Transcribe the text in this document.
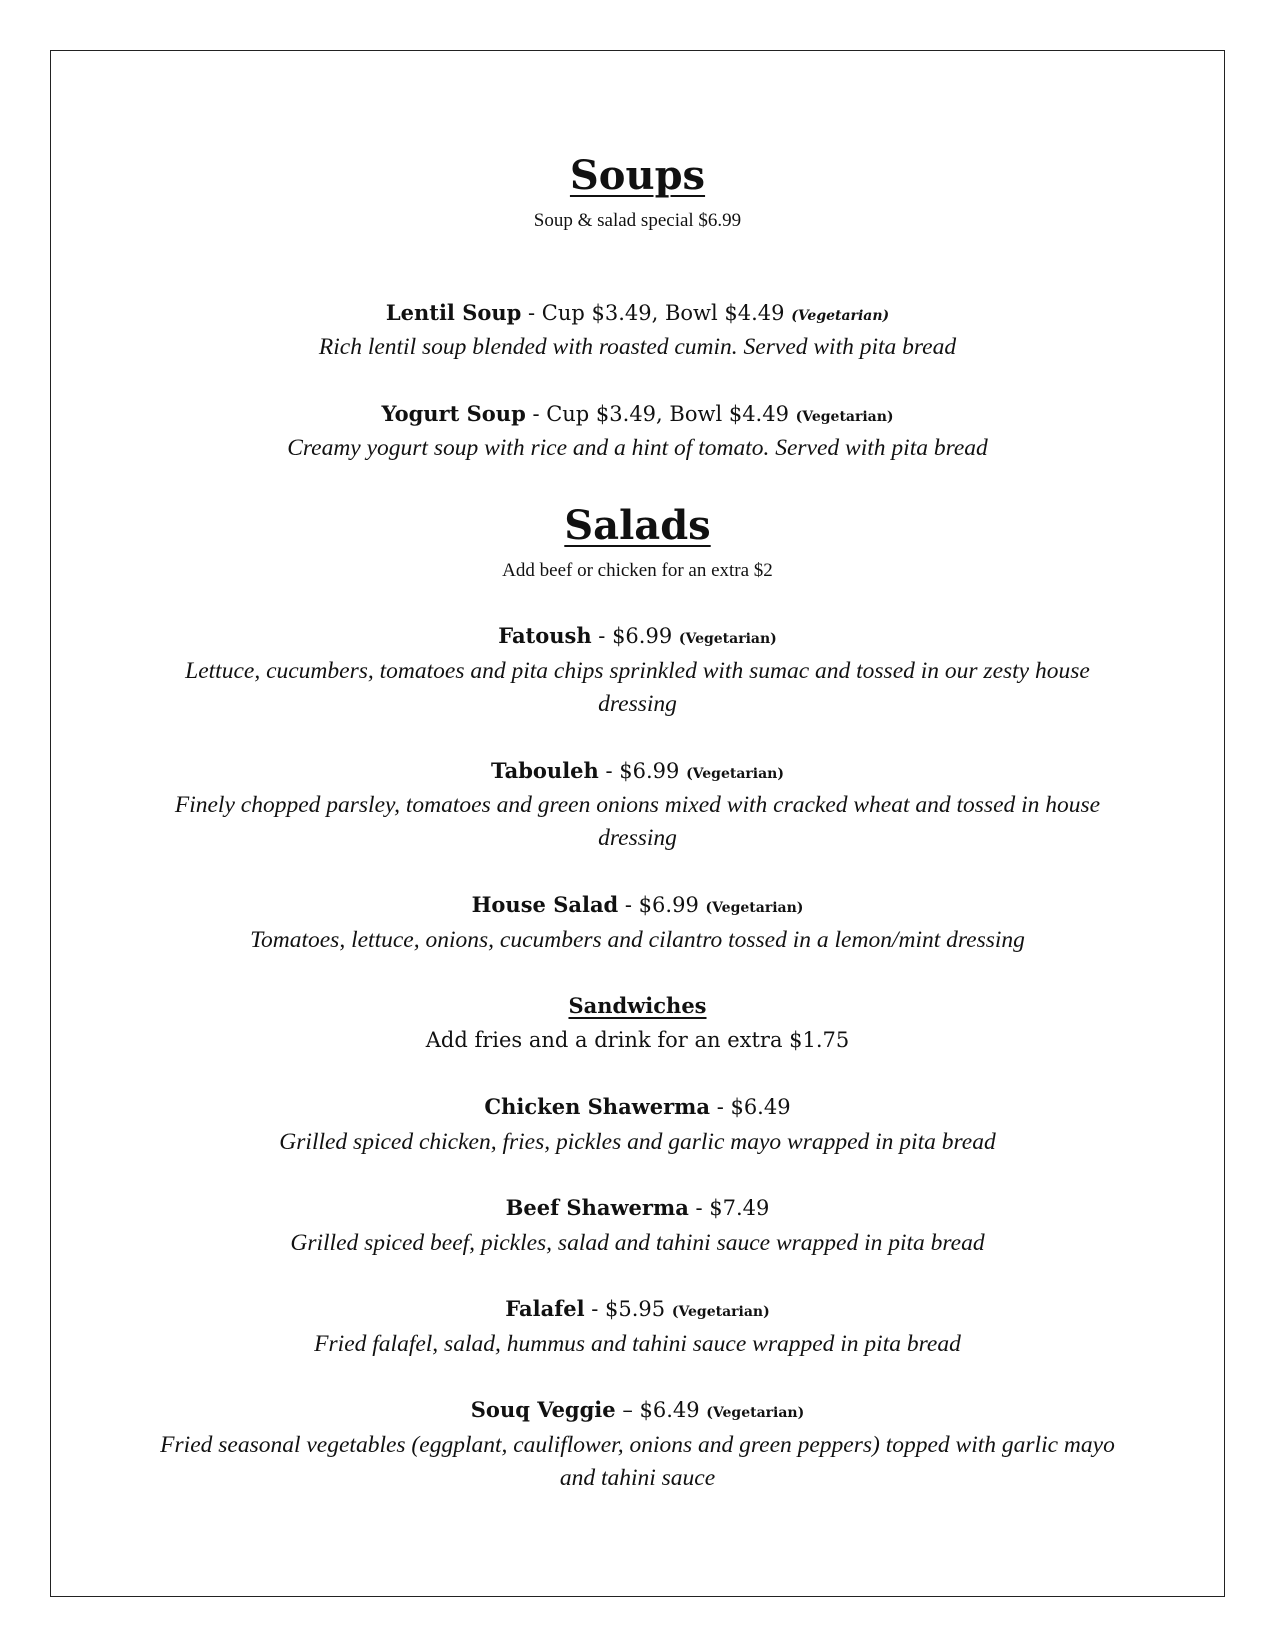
Soups
Soup & salad special $6.99
Lentil Soup - Cup $3.49, Bowl $4.49 (Vegetarian)
Rich lentil soup blended with roasted cumin. Served with pita bread
Yogurt Soup - Cup $3.49, Bowl $4.49 (Vegetarian)
Creamy yogurt soup with rice and a hint of tomato. Served with pita bread
Salads
Add beef or chicken for an extra $2
Fatoush - $6.99 (Vegetarian)
Lettuce, cucumbers, tomatoes and pita chips sprinkled with sumac and tossed in our zesty house dressing
Tabouleh - $6.99 (Vegetarian)
Finely chopped parsley, tomatoes and green onions mixed with cracked wheat and tossed in house dressing
House Salad - $6.99 (Vegetarian)
Tomatoes, lettuce, onions, cucumbers and cilantro tossed in a lemon/mint dressing
Sandwiches
Add fries and a drink for an extra $1.75
Chicken Shawerma - $6.49
Grilled spiced chicken, fries, pickles and garlic mayo wrapped in pita bread
Beef Shawerma - $7.49
Grilled spiced beef, pickles, salad and tahini sauce wrapped in pita bread
Falafel - $5.95 (Vegetarian)
Fried falafel, salad, hummus and tahini sauce wrapped in pita bread
Souq Veggie – $6.49 (Vegetarian)
Fried seasonal vegetables (eggplant, cauliflower, onions and green peppers) topped with garlic mayo and tahini sauce
